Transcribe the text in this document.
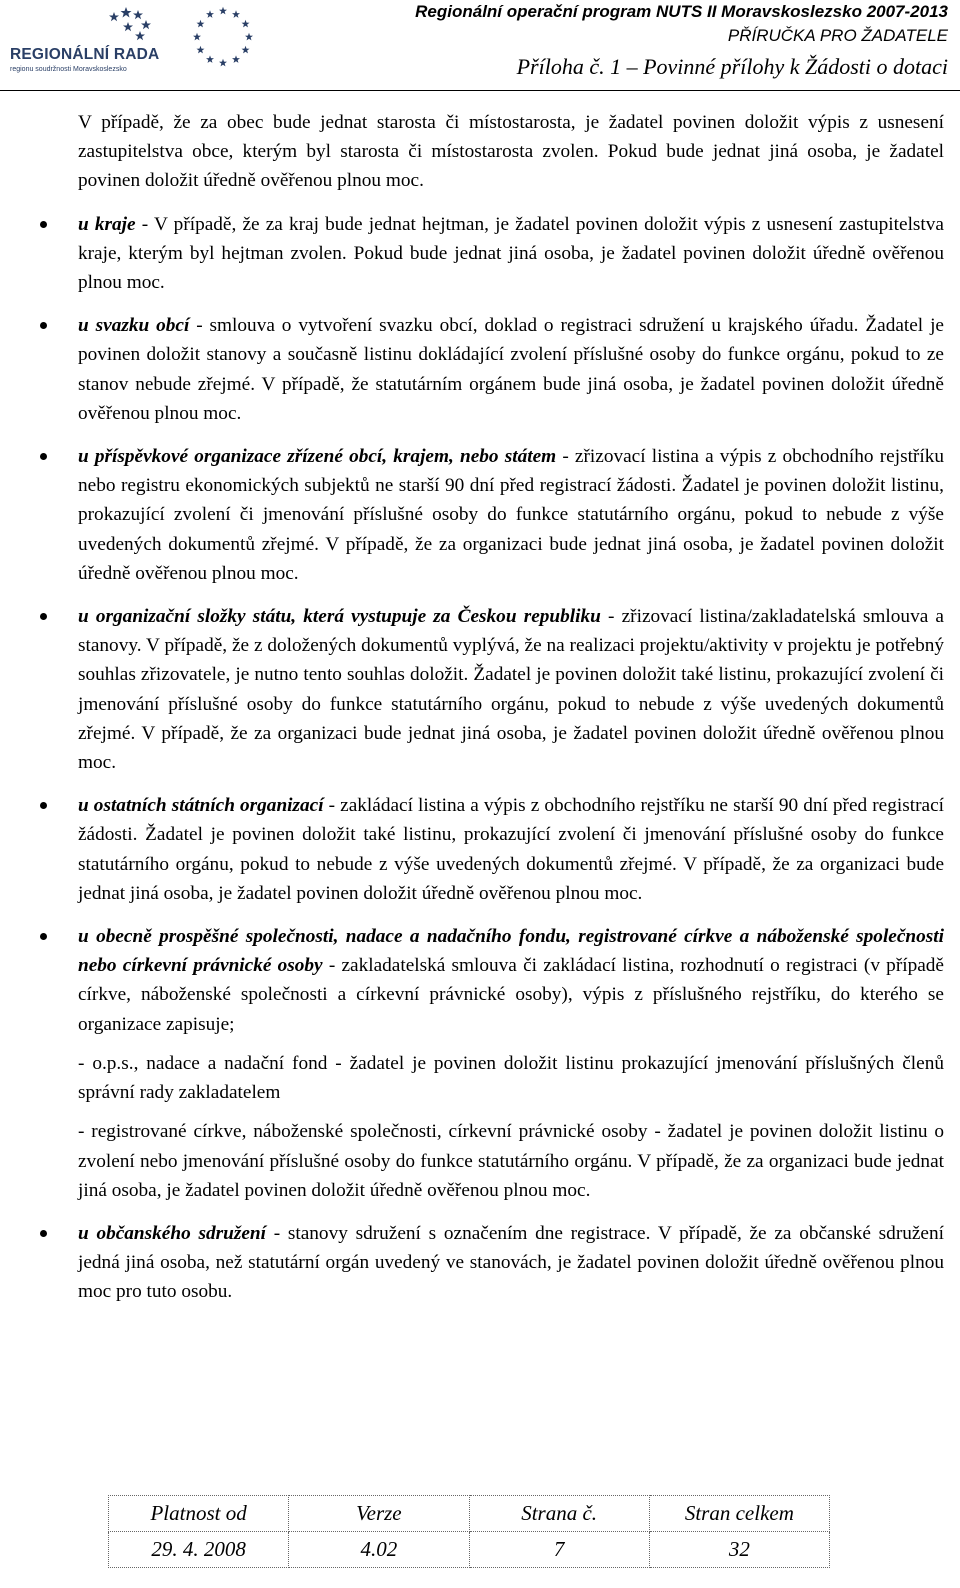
REGIONÁLNÍ RADA
regionu soudržnosti Moravskoslezsko
Regionální operační program NUTS II Moravskoslezsko 2007-2013
PŘÍRUČKA PRO ŽADATELE
Příloha č. 1 – Povinné přílohy k Žádosti o dotaci

V případě, že za obec bude jednat starosta či místostarosta, je žadatel povinen doložit výpis z usnesení zastupitelstva obce, kterým byl starosta či místostarosta zvolen. Pokud bude jednat jiná osoba, je žadatel povinen doložit úředně ověřenou plnou moc.

u kraje - V případě, že za kraj bude jednat hejtman, je žadatel povinen doložit výpis z usnesení zastupitelstva kraje, kterým byl hejtman zvolen. Pokud bude jednat jiná osoba, je žadatel povinen doložit úředně ověřenou plnou moc.

u svazku obcí - smlouva o vytvoření svazku obcí, doklad o registraci sdružení u krajského úřadu. Žadatel je povinen doložit stanovy a současně listinu dokládající zvolení příslušné osoby do funkce orgánu, pokud to ze stanov nebude zřejmé. V případě, že statutárním orgánem bude jiná osoba, je žadatel povinen doložit úředně ověřenou plnou moc.

u příspěvkové organizace zřízené obcí, krajem, nebo státem - zřizovací listina a výpis z obchodního rejstříku nebo registru ekonomických subjektů ne starší 90 dní před registrací žádosti. Žadatel je povinen doložit listinu, prokazující zvolení či jmenování příslušné osoby do funkce statutárního orgánu, pokud to nebude z výše uvedených dokumentů zřejmé. V případě, že za organizaci bude jednat jiná osoba, je žadatel povinen doložit úředně ověřenou plnou moc.

u organizační složky státu, která vystupuje za Českou republiku - zřizovací listina/zakladatelská smlouva a stanovy. V případě, že z doložených dokumentů vyplývá, že na realizaci projektu/aktivity v projektu je potřebný souhlas zřizovatele, je nutno tento souhlas doložit. Žadatel je povinen doložit také listinu, prokazující zvolení či jmenování příslušné osoby do funkce statutárního orgánu, pokud to nebude z výše uvedených dokumentů zřejmé. V případě, že za organizaci bude jednat jiná osoba, je žadatel povinen doložit úředně ověřenou plnou moc.

u ostatních státních organizací - zakládací listina a výpis z obchodního rejstříku ne starší 90 dní před registrací žádosti. Žadatel je povinen doložit také listinu, prokazující zvolení či jmenování příslušné osoby do funkce statutárního orgánu, pokud to nebude z výše uvedených dokumentů zřejmé. V případě, že za organizaci bude jednat jiná osoba, je žadatel povinen doložit úředně ověřenou plnou moc.

u obecně prospěšné společnosti, nadace a nadačního fondu, registrované církve a náboženské společnosti nebo církevní právnické osoby - zakladatelská smlouva či zakládací listina, rozhodnutí o registraci (v případě církve, náboženské společnosti a církevní právnické osoby), výpis z příslušného rejstříku, do kterého se organizace zapisuje;

- o.p.s., nadace a nadační fond - žadatel je povinen doložit listinu prokazující jmenování příslušných členů správní rady zakladatelem

- registrované církve, náboženské společnosti, církevní právnické osoby - žadatel je povinen doložit listinu o zvolení nebo jmenování příslušné osoby do funkce statutárního orgánu. V případě, že za organizaci bude jednat jiná osoba, je žadatel povinen doložit úředně ověřenou plnou moc.

u občanského sdružení - stanovy sdružení s označením dne registrace. V případě, že za občanské sdružení jedná jiná osoba, než statutární orgán uvedený ve stanovách, je žadatel povinen doložit úředně ověřenou plnou moc pro tuto osobu.

Platnost od	Verze	Strana č.	Stran celkem
29. 4. 2008	4.02	7	32
